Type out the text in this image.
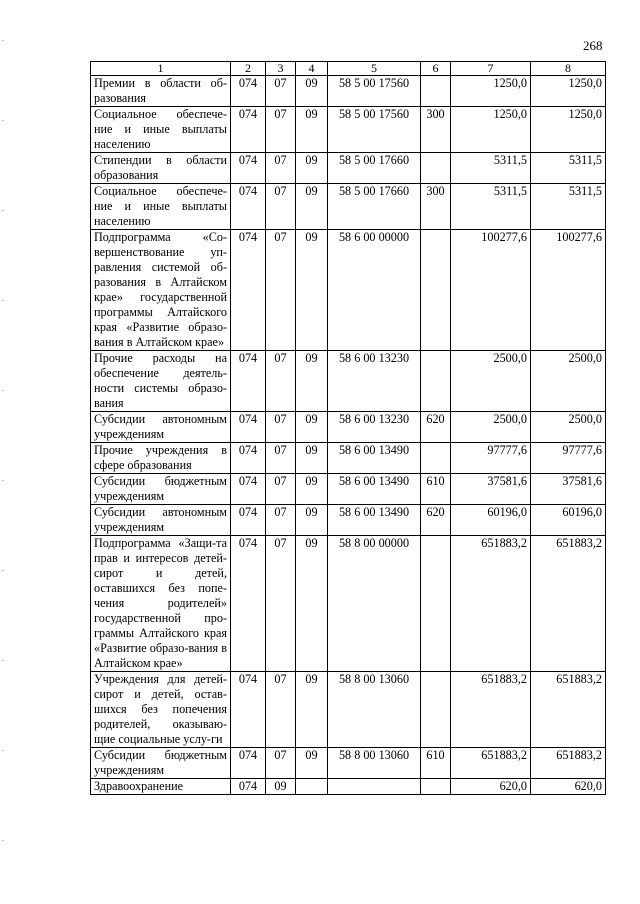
268
1	2	3	4	5	6	7	8
Премии в области об-разования	074	07	09	58 5 00 17560		1250,0	1250,0
Социальное обеспече-ние и иные выплаты населению	074	07	09	58 5 00 17560	300	1250,0	1250,0
Стипендии в области образования	074	07	09	58 5 00 17660		5311,5	5311,5
Социальное обеспече-ние и иные выплаты населению	074	07	09	58 5 00 17660	300	5311,5	5311,5
Подпрограмма «Со-вершенствование уп-равления системой об-разования в Алтайском крае» государственной программы Алтайского края «Развитие образо-вания в Алтайском крае»	074	07	09	58 6 00 00000		100277,6	100277,6
Прочие расходы на обеспечение деятель-ности системы образо-вания	074	07	09	58 6 00 13230		2500,0	2500,0
Субсидии автономным учреждениям	074	07	09	58 6 00 13230	620	2500,0	2500,0
Прочие учреждения в сфере образования	074	07	09	58 6 00 13490		97777,6	97777,6
Субсидии бюджетным учреждениям	074	07	09	58 6 00 13490	610	37581,6	37581,6
Субсидии автономным учреждениям	074	07	09	58 6 00 13490	620	60196,0	60196,0
Подпрограмма «Защи-та прав и интересов детей-сирот и детей, оставшихся без попе-чения родителей» государственной про-граммы Алтайского края «Развитие образо-вания в Алтайском крае»	074	07	09	58 8 00 00000		651883,2	651883,2
Учреждения для детей-сирот и детей, остав-шихся без попечения родителей, оказываю-щие социальные услу-ги	074	07	09	58 8 00 13060		651883,2	651883,2
Субсидии бюджетным учреждениям	074	07	09	58 8 00 13060	610	651883,2	651883,2
Здравоохранение	074	09				620,0	620,0
